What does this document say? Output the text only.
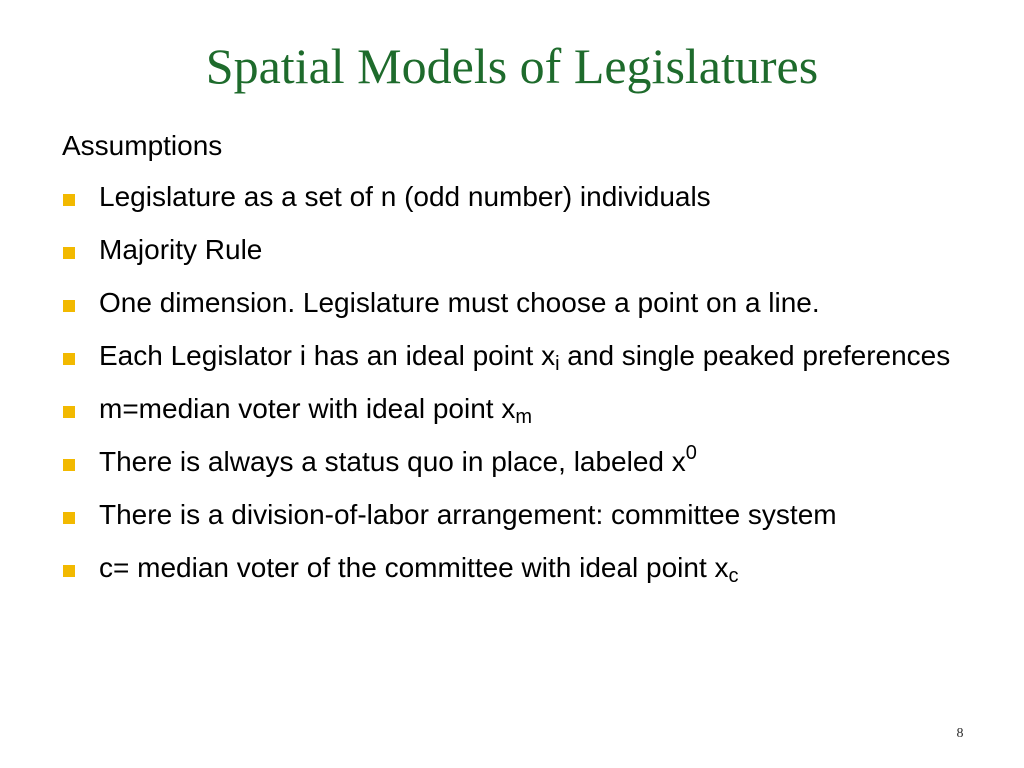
Spatial Models of Legislatures
Assumptions
Legislature as a set of n (odd number) individuals
Majority Rule
One dimension. Legislature must choose a point on a line.
Each Legislator i has an ideal point $x_i$ and single peaked preferences
m=median voter with ideal point $x_m$
There is always a status quo in place, labeled $x^0$
There is a division-of-labor arrangement: committee system
c= median voter of the committee with ideal point $x_c$
8
